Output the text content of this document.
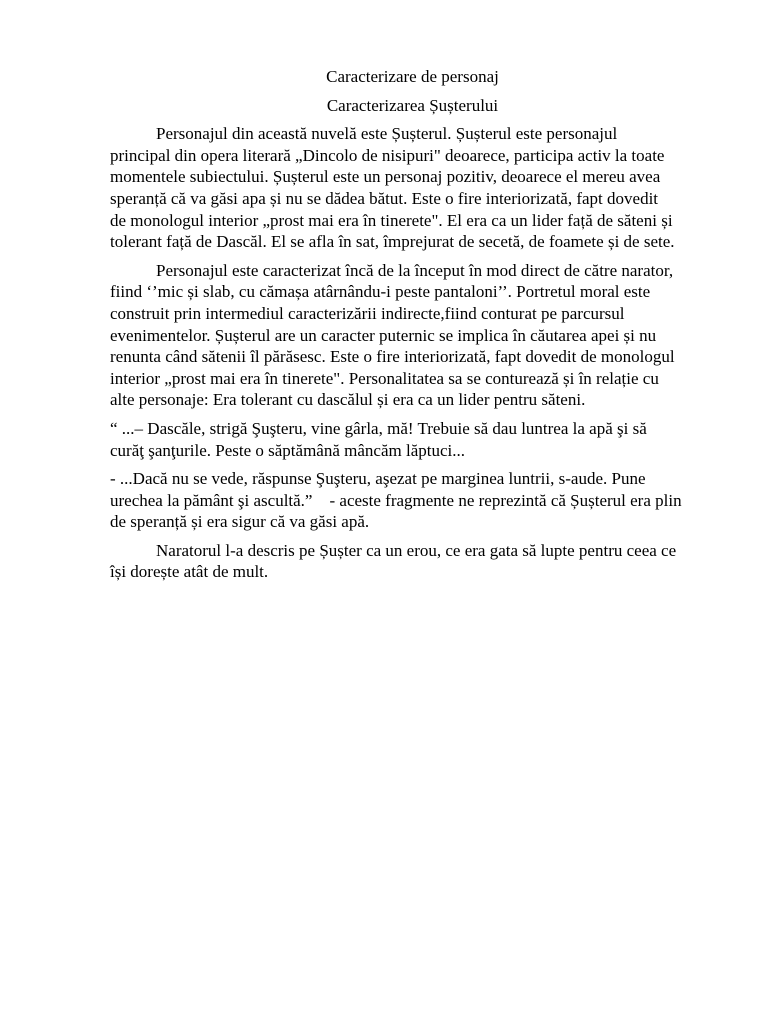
Caracterizare de personaj
Caracterizarea Șușterului
Personajul din această nuvelă este Șușterul. Șușterul este personajul
principal din opera literară „Dincolo de nisipuri" deoarece, participa activ la toate
momentele subiectului. Șușterul este un personaj pozitiv, deoarece el mereu avea
speranță că va găsi apa și nu se dădea bătut. Este o fire interiorizată, fapt dovedit
de monologul interior „prost mai era în tinerete". El era ca un lider față de săteni și
tolerant față de Dascăl. El se afla în sat, împrejurat de secetă, de foamete și de sete.
Personajul este caracterizat încă de la început în mod direct de către narator,
fiind ‘’mic și slab, cu cămașa atârnându-i peste pantaloni’’. Portretul moral este
construit prin intermediul caracterizării indirecte,fiind conturat pe parcursul
evenimentelor. Șușterul are un caracter puternic se implica în căutarea apei și nu
renunta când sătenii îl părăsesc. Este o fire interiorizată, fapt dovedit de monologul
interior „prost mai era în tinerete". Personalitatea sa se conturează și în relație cu
alte personaje: Era tolerant cu dascălul și era ca un lider pentru săteni.
“ ...– Dascăle, strigă Şuşteru, vine gârla, mă! Trebuie să dau luntrea la apă şi să
curăţ şanţurile. Peste o săptămână mâncăm lăptuci...
- ...Dacă nu se vede, răspunse Şuşteru, aşezat pe marginea luntrii, s-aude. Pune
urechea la pământ şi ascultă.”    - aceste fragmente ne reprezintă că Șușterul era plin
de speranță și era sigur că va găsi apă.
Naratorul l-a descris pe Șușter ca un erou, ce era gata să lupte pentru ceea ce
își dorește atât de mult.
